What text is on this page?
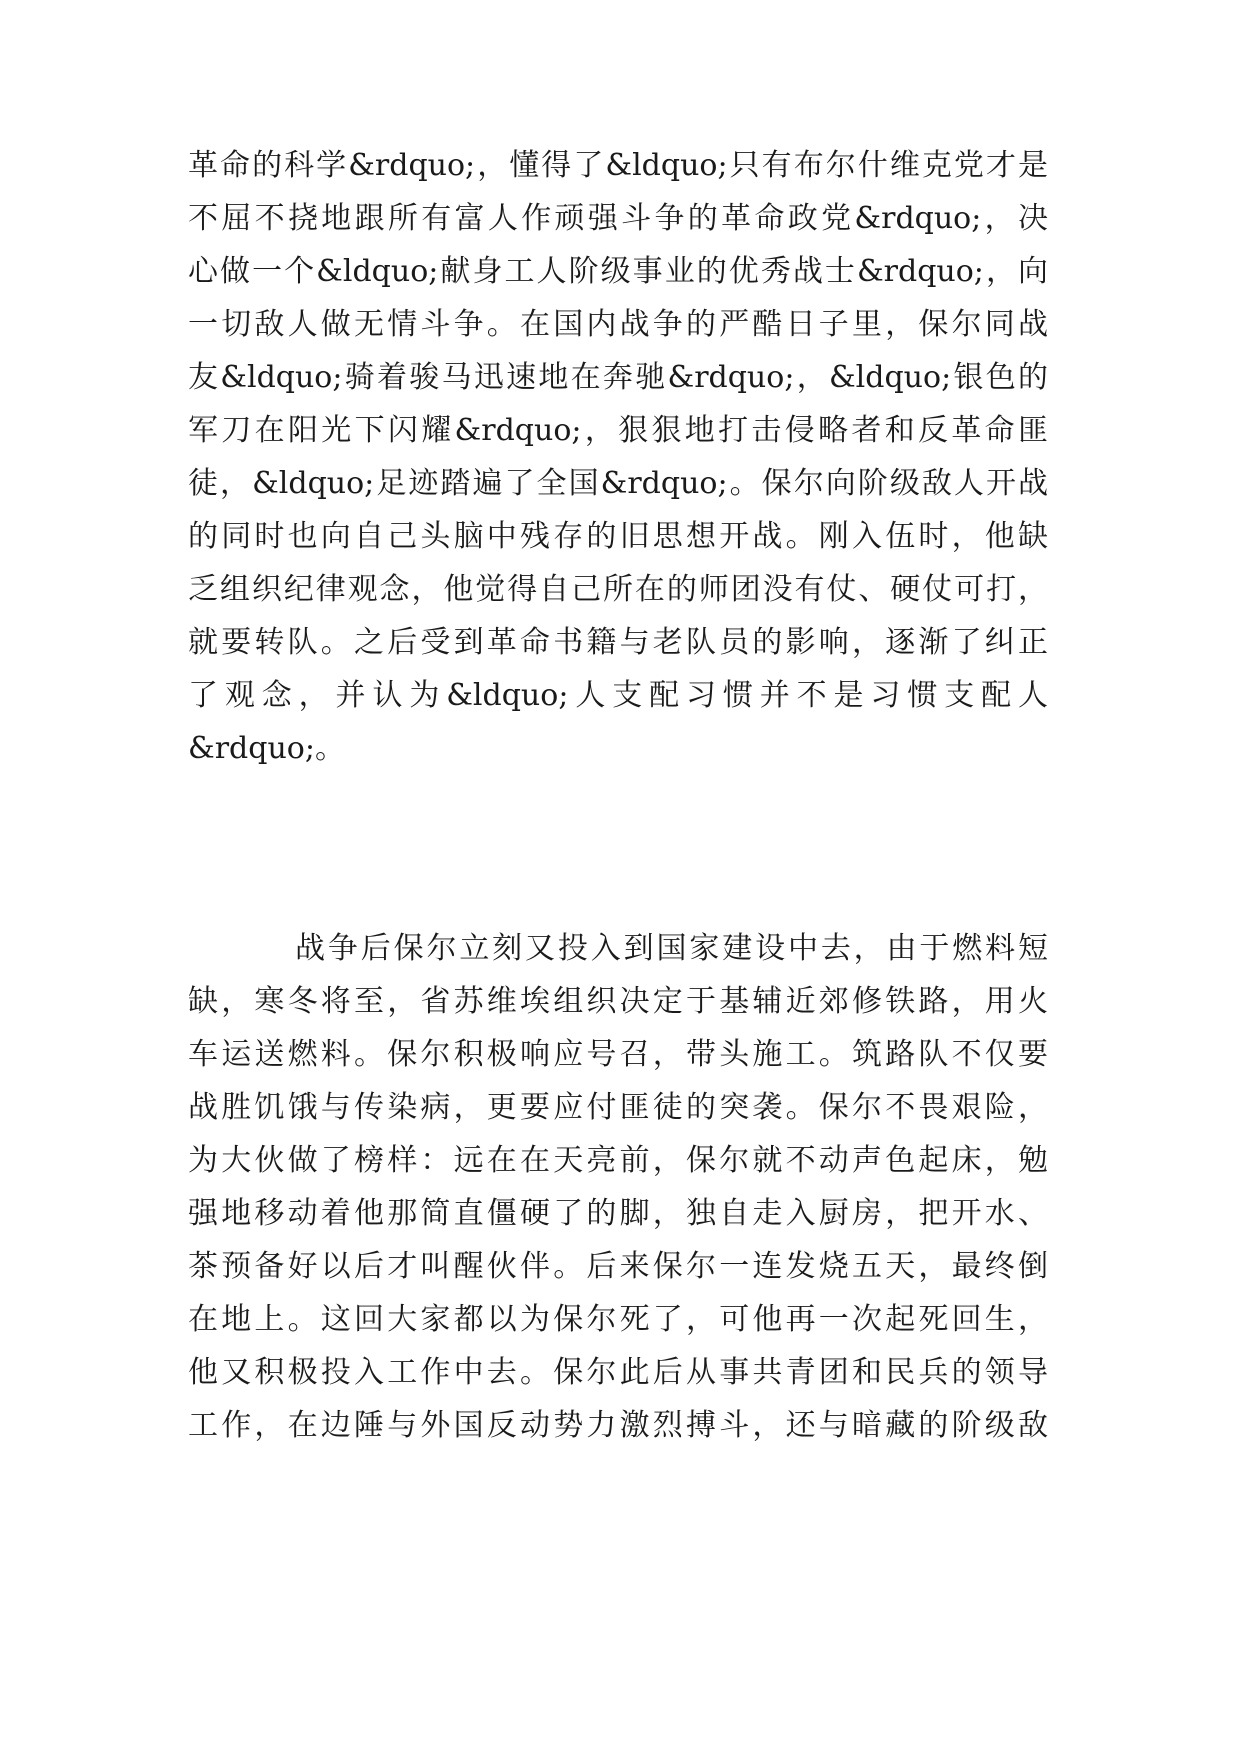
革命的科学&rdquo;，懂得了&ldquo;只有布尔什维克党才是
不屈不挠地跟所有富人作顽强斗争的革命政党&rdquo;，决
心做一个&ldquo;献身工人阶级事业的优秀战士&rdquo;，向
一切敌人做无情斗争。在国内战争的严酷日子里，保尔同战
友&ldquo;骑着骏马迅速地在奔驰&rdquo;，&ldquo;银色的
军刀在阳光下闪耀&rdquo;，狠狠地打击侵略者和反革命匪
徒，&ldquo;足迹踏遍了全国&rdquo;。保尔向阶级敌人开战
的同时也向自己头脑中残存的旧思想开战。刚入伍时，他缺
乏组织纪律观念，他觉得自己所在的师团没有仗、硬仗可打，
就要转队。之后受到革命书籍与老队员的影响，逐渐了纠正
了观念，并认为&ldquo;人支配习惯并不是习惯支配人
&rdquo;。
战争后保尔立刻又投入到国家建设中去，由于燃料短
缺，寒冬将至，省苏维埃组织决定于基辅近郊修铁路，用火
车运送燃料。保尔积极响应号召，带头施工。筑路队不仅要
战胜饥饿与传染病，更要应付匪徒的突袭。保尔不畏艰险，
为大伙做了榜样：远在在天亮前，保尔就不动声色起床，勉
强地移动着他那简直僵硬了的脚，独自走入厨房，把开水、
茶预备好以后才叫醒伙伴。后来保尔一连发烧五天，最终倒
在地上。这回大家都以为保尔死了，可他再一次起死回生，
他又积极投入工作中去。保尔此后从事共青团和民兵的领导
工作，在边陲与外国反动势力激烈搏斗，还与暗藏的阶级敌
